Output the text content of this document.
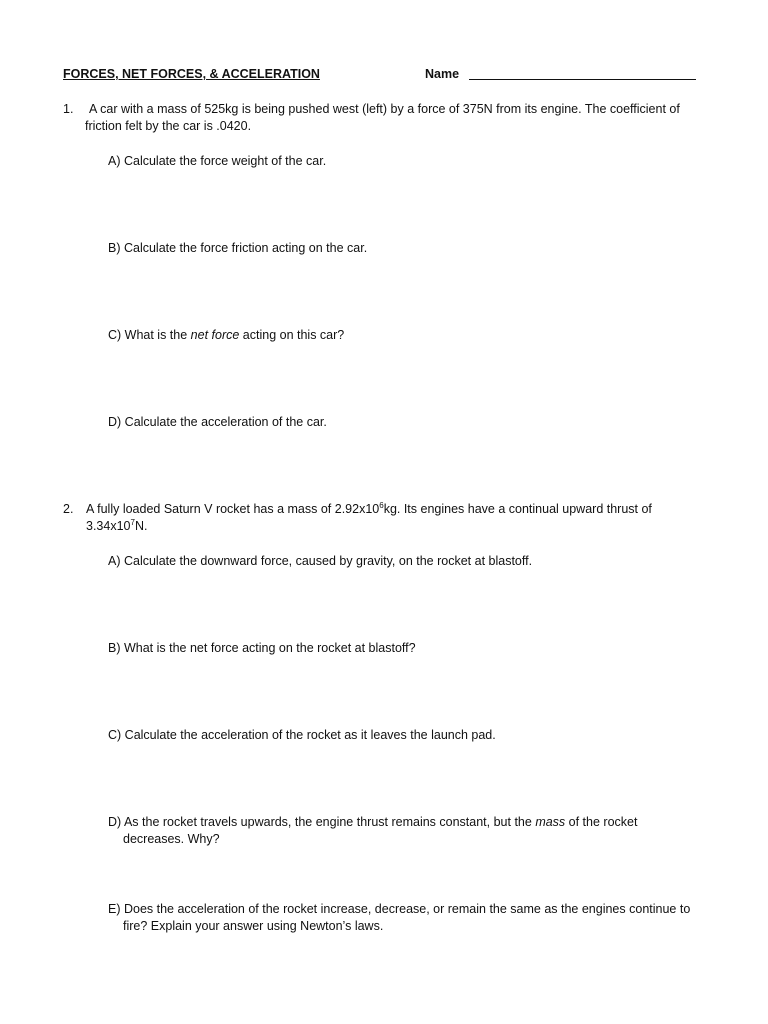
FORCES, NET FORCES, & ACCELERATION	Name
1. A car with a mass of 525kg is being pushed west (left) by a force of 375N from its engine. The coefficient of
friction felt by the car is .0420.
A) Calculate the force weight of the car.
B) Calculate the force friction acting on the car.
C) What is the net force acting on this car?
D) Calculate the acceleration of the car.
2. A fully loaded Saturn V rocket has a mass of $2.92x10^6kg$. Its engines have a continual upward thrust of
$3.34x10^7N$.
A) Calculate the downward force, caused by gravity, on the rocket at blastoff.
B) What is the net force acting on the rocket at blastoff?
C) Calculate the acceleration of the rocket as it leaves the launch pad.
D) As the rocket travels upwards, the engine thrust remains constant, but the mass of the rocket
decreases. Why?
E) Does the acceleration of the rocket increase, decrease, or remain the same as the engines continue to
fire? Explain your answer using Newton’s laws.
